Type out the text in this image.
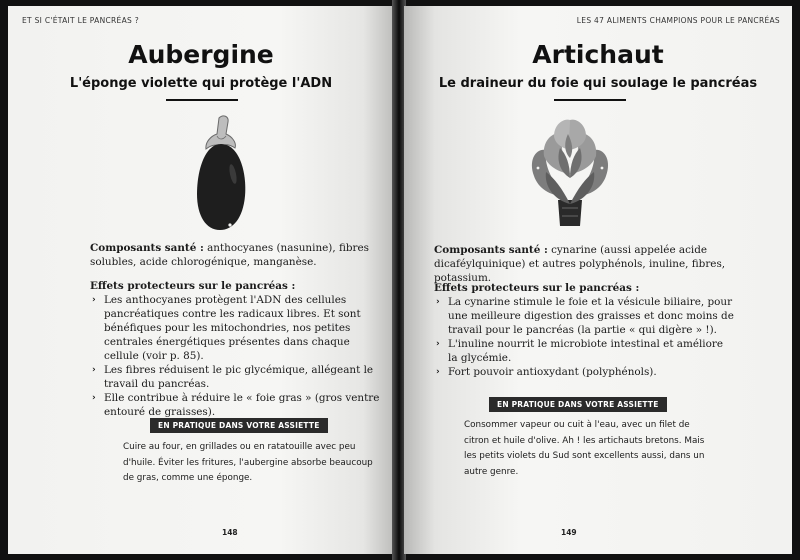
ET SI C'ÉTAIT LE PANCRÉAS ?
Aubergine
L'éponge violette qui protège l'ADN
Composants santé : anthocyanes (nasunine), fibres solubles, acide chlorogénique, manganèse.
Effets protecteurs sur le pancréas :
› Les anthocyanes protègent l'ADN des cellules pancréatiques contre les radicaux libres. Et sont bénéfiques pour les mitochondries, nos petites centrales énergétiques présentes dans chaque cellule (voir p. 85).
› Les fibres réduisent le pic glycémique, allégeant le travail du pancréas.
› Elle contribue à réduire le « foie gras » (gros ventre entouré de graisses).
EN PRATIQUE DANS VOTRE ASSIETTE
Cuire au four, en grillades ou en ratatouille avec peu d'huile. Éviter les fritures, l'aubergine absorbe beaucoup de gras, comme une éponge.
148
LES 47 ALIMENTS CHAMPIONS POUR LE PANCRÉAS
Artichaut
Le draineur du foie qui soulage le pancréas
Composants santé : cynarine (aussi appelée acide dicaféylquinique) et autres polyphénols, inuline, fibres, potassium.
Effets protecteurs sur le pancréas :
› La cynarine stimule le foie et la vésicule biliaire, pour une meilleure digestion des graisses et donc moins de travail pour le pancréas (la partie « qui digère » !).
› L'inuline nourrit le microbiote intestinal et améliore la glycémie.
› Fort pouvoir antioxydant (polyphénols).
EN PRATIQUE DANS VOTRE ASSIETTE
Consommer vapeur ou cuit à l'eau, avec un filet de citron et huile d'olive. Ah ! les artichauts bretons. Mais les petits violets du Sud sont excellents aussi, dans un autre genre.
149
